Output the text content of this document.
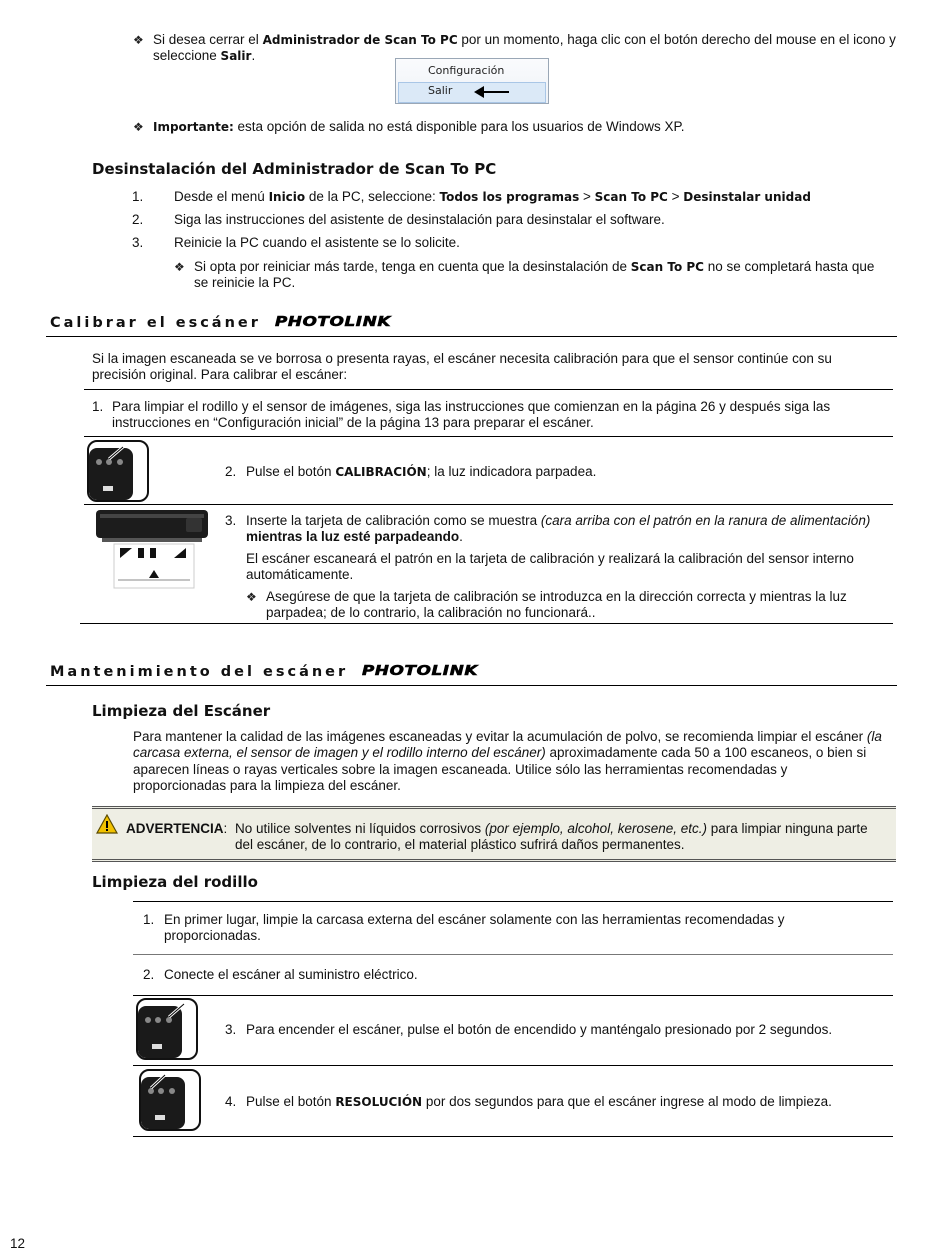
❖ Si desea cerrar el Administrador de Scan To PC por un momento, haga clic con el botón derecho del mouse en el icono y
seleccione Salir.
Configuración
Salir
❖ Importante: esta opción de salida no está disponible para los usuarios de Windows XP.
Desinstalación del Administrador de Scan To PC
1. Desde el menú Inicio de la PC, seleccione: Todos los programas > Scan To PC > Desinstalar unidad
2. Siga las instrucciones del asistente de desinstalación para desinstalar el software.
3. Reinicie la PC cuando el asistente se lo solicite.
❖ Si opta por reiniciar más tarde, tenga en cuenta que la desinstalación de Scan To PC no se completará hasta que
se reinicie la PC.
Calibrar el escáner PHOTOLINK
Si la imagen escaneada se ve borrosa o presenta rayas, el escáner necesita calibración para que el sensor continúe con su
precisión original. Para calibrar el escáner:
1. Para limpiar el rodillo y el sensor de imágenes, siga las instrucciones que comienzan en la página 26 y después siga las
instrucciones en “Configuración inicial” de la página 13 para preparar el escáner.
2. Pulse el botón CALIBRACIÓN; la luz indicadora parpadea.
3. Inserte la tarjeta de calibración como se muestra (cara arriba con el patrón en la ranura de alimentación)
mientras la luz esté parpadeando.
El escáner escaneará el patrón en la tarjeta de calibración y realizará la calibración del sensor interno
automáticamente.
❖ Asegúrese de que la tarjeta de calibración se introduzca en la dirección correcta y mientras la luz
parpadea; de lo contrario, la calibración no funcionará..
Mantenimiento del escáner PHOTOLINK
Limpieza del Escáner
Para mantener la calidad de las imágenes escaneadas y evitar la acumulación de polvo, se recomienda limpiar el escáner (la
carcasa externa, el sensor de imagen y el rodillo interno del escáner) aproximadamente cada 50 a 100 escaneos, o bien si
aparecen líneas o rayas verticales sobre la imagen escaneada. Utilice sólo las herramientas recomendadas y
proporcionadas para la limpieza del escáner.
ADVERTENCIA: No utilice solventes ni líquidos corrosivos (por ejemplo, alcohol, kerosene, etc.) para limpiar ninguna parte
del escáner, de lo contrario, el material plástico sufrirá daños permanentes.
Limpieza del rodillo
1. En primer lugar, limpie la carcasa externa del escáner solamente con las herramientas recomendadas y
proporcionadas.
2. Conecte el escáner al suministro eléctrico.
3. Para encender el escáner, pulse el botón de encendido y manténgalo presionado por 2 segundos.
4. Pulse el botón RESOLUCIÓN por dos segundos para que el escáner ingrese al modo de limpieza.
12
